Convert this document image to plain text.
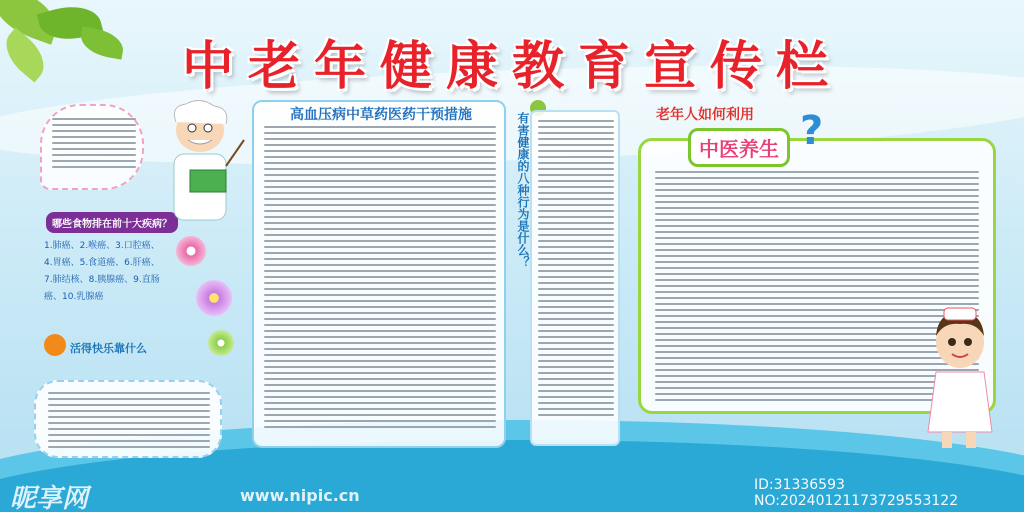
中老年健康教育宣传栏
哪些食物排在前十大疾病？
1.肺癌、2.喉癌、3.口腔癌、4.胃癌、5.食道癌、6.肝癌、7.肺结核、8.胰腺癌、9.直肠癌、10.乳腺癌
活得快乐靠什么
高血压病中草药医药干预措施	有害健康的八种行为是什么？	老年人如何利用
中医养生 ?
昵享网	www.nipic.cn
ID:31336593 NO:20240121173729553122
